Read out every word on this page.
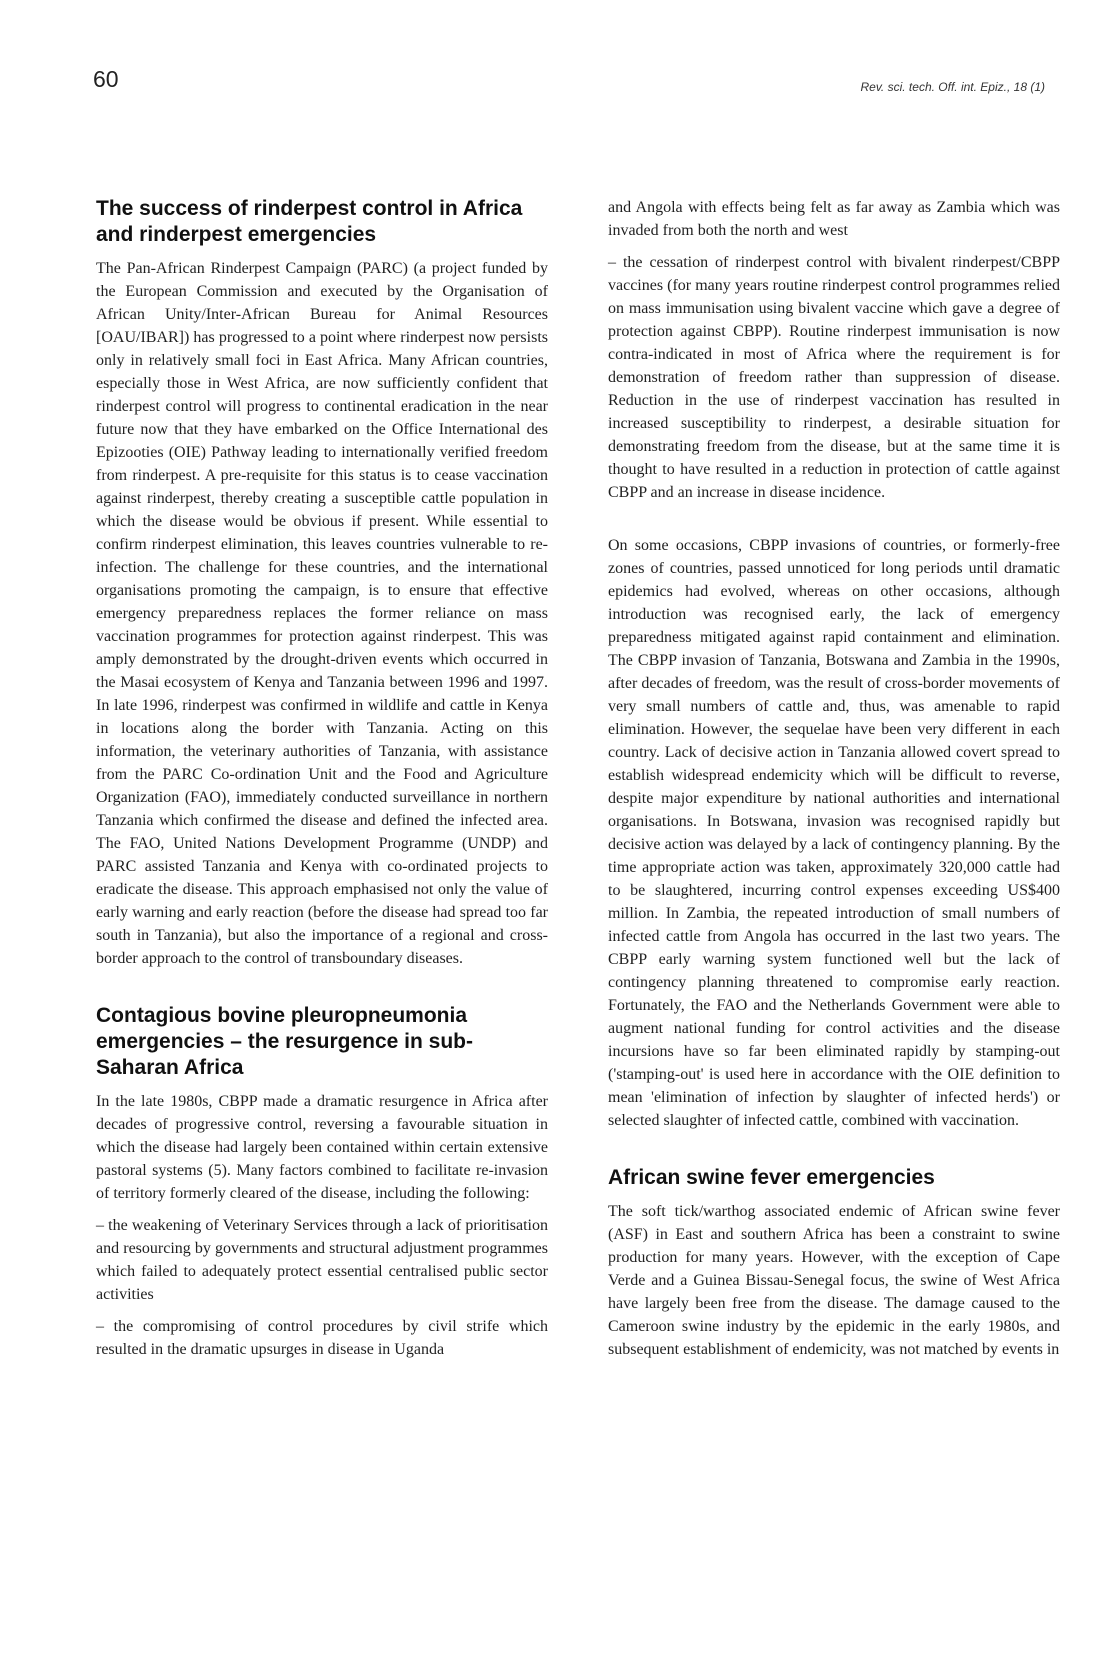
60	Rev. sci. tech. Off. int. Epiz., 18 (1)
The success of rinderpest control in Africa and rinderpest emergencies

The Pan-African Rinderpest Campaign (PARC) (a project funded by the European Commission and executed by the Organisation of African Unity/Inter-African Bureau for Animal Resources [OAU/IBAR]) has progressed to a point where rinderpest now persists only in relatively small foci in East Africa. Many African countries, especially those in West Africa, are now sufficiently confident that rinderpest control will progress to continental eradication in the near future now that they have embarked on the Office International des Epizooties (OIE) Pathway leading to internationally verified freedom from rinderpest. A pre-requisite for this status is to cease vaccination against rinderpest, thereby creating a susceptible cattle population in which the disease would be obvious if present. While essential to confirm rinderpest elimination, this leaves countries vulnerable to re-infection. The challenge for these countries, and the international organisations promoting the campaign, is to ensure that effective emergency preparedness replaces the former reliance on mass vaccination programmes for protection against rinderpest. This was amply demonstrated by the drought-driven events which occurred in the Masai ecosystem of Kenya and Tanzania between 1996 and 1997. In late 1996, rinderpest was confirmed in wildlife and cattle in Kenya in locations along the border with Tanzania. Acting on this information, the veterinary authorities of Tanzania, with assistance from the PARC Co-ordination Unit and the Food and Agriculture Organization (FAO), immediately conducted surveillance in northern Tanzania which confirmed the disease and defined the infected area. The FAO, United Nations Development Programme (UNDP) and PARC assisted Tanzania and Kenya with co-ordinated projects to eradicate the disease. This approach emphasised not only the value of early warning and early reaction (before the disease had spread too far south in Tanzania), but also the importance of a regional and cross-border approach to the control of transboundary diseases.

Contagious bovine pleuropneumonia emergencies – the resurgence in sub-Saharan Africa

In the late 1980s, CBPP made a dramatic resurgence in Africa after decades of progressive control, reversing a favourable situation in which the disease had largely been contained within certain extensive pastoral systems (5). Many factors combined to facilitate re-invasion of territory formerly cleared of the disease, including the following:

– the weakening of Veterinary Services through a lack of prioritisation and resourcing by governments and structural adjustment programmes which failed to adequately protect essential centralised public sector activities

– the compromising of control procedures by civil strife which resulted in the dramatic upsurges in disease in Uganda

and Angola with effects being felt as far away as Zambia which was invaded from both the north and west

– the cessation of rinderpest control with bivalent rinderpest/CBPP vaccines (for many years routine rinderpest control programmes relied on mass immunisation using bivalent vaccine which gave a degree of protection against CBPP). Routine rinderpest immunisation is now contra-indicated in most of Africa where the requirement is for demonstration of freedom rather than suppression of disease. Reduction in the use of rinderpest vaccination has resulted in increased susceptibility to rinderpest, a desirable situation for demonstrating freedom from the disease, but at the same time it is thought to have resulted in a reduction in protection of cattle against CBPP and an increase in disease incidence.

On some occasions, CBPP invasions of countries, or formerly-free zones of countries, passed unnoticed for long periods until dramatic epidemics had evolved, whereas on other occasions, although introduction was recognised early, the lack of emergency preparedness mitigated against rapid containment and elimination. The CBPP invasion of Tanzania, Botswana and Zambia in the 1990s, after decades of freedom, was the result of cross-border movements of very small numbers of cattle and, thus, was amenable to rapid elimination. However, the sequelae have been very different in each country. Lack of decisive action in Tanzania allowed covert spread to establish widespread endemicity which will be difficult to reverse, despite major expenditure by national authorities and international organisations. In Botswana, invasion was recognised rapidly but decisive action was delayed by a lack of contingency planning. By the time appropriate action was taken, approximately 320,000 cattle had to be slaughtered, incurring control expenses exceeding US$400 million. In Zambia, the repeated introduction of small numbers of infected cattle from Angola has occurred in the last two years. The CBPP early warning system functioned well but the lack of contingency planning threatened to compromise early reaction. Fortunately, the FAO and the Netherlands Government were able to augment national funding for control activities and the disease incursions have so far been eliminated rapidly by stamping-out ('stamping-out' is used here in accordance with the OIE definition to mean 'elimination of infection by slaughter of infected herds') or selected slaughter of infected cattle, combined with vaccination.

African swine fever emergencies

The soft tick/warthog associated endemic of African swine fever (ASF) in East and southern Africa has been a constraint to swine production for many years. However, with the exception of Cape Verde and a Guinea Bissau-Senegal focus, the swine of West Africa have largely been free from the disease. The damage caused to the Cameroon swine industry by the epidemic in the early 1980s, and subsequent establishment of endemicity, was not matched by events in
